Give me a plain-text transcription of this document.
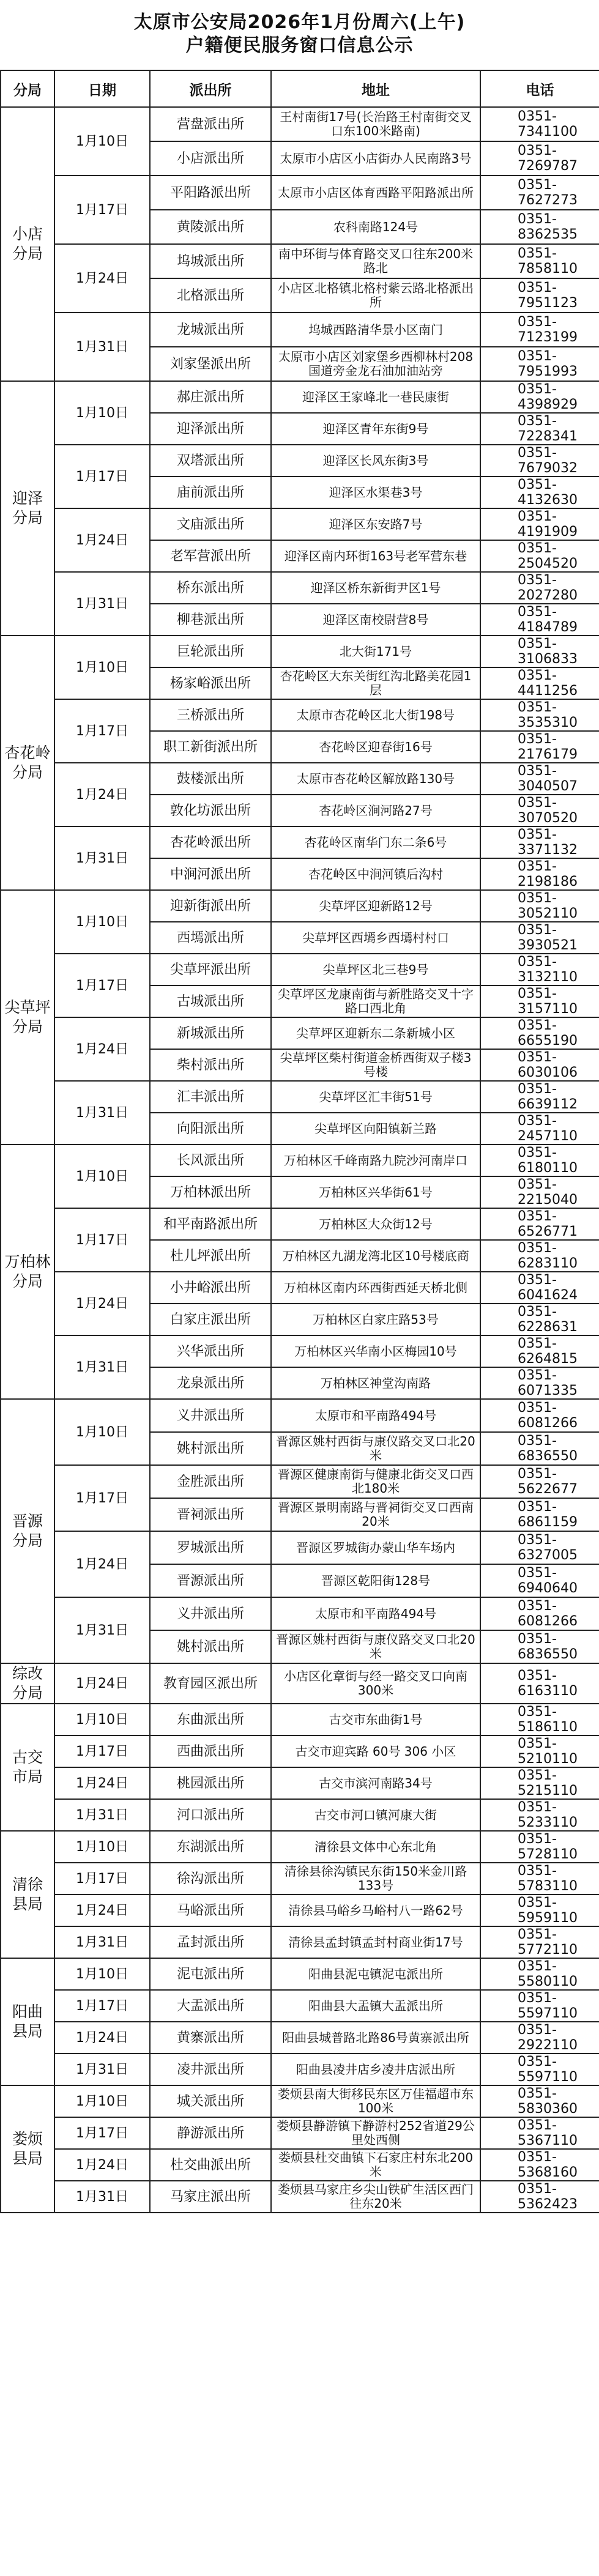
太原市公安局2026年1月份周六(上午)
户籍便民服务窗口信息公示
分局	日期	派出所	地址	电话

小店
分局	1月10日	营盘派出所	王村南街17号(长治路王村南街交叉口东100米路南)	0351-7341100
		小店派出所	太原市小店区小店街办人民南路3号	0351-7269787
	1月17日	平阳路派出所	太原市小店区体育西路平阳路派出所	0351-7627273
		黄陵派出所	农科南路124号	0351-8362535
	1月24日	坞城派出所	南中环街与体育路交叉口往东200米路北	0351-7858110
		北格派出所	小店区北格镇北格村紫云路北格派出所	0351-7951123
	1月31日	龙城派出所	坞城西路清华景小区南门	0351-7123199
		刘家堡派出所	太原市小店区刘家堡乡西柳林村208国道旁金龙石油加油站旁	0351-7951993

迎泽
分局	1月10日	郝庄派出所	迎泽区王家峰北一巷民康街	0351-4398929
		迎泽派出所	迎泽区青年东街9号	0351-7228341
	1月17日	双塔派出所	迎泽区长风东街3号	0351-7679032
		庙前派出所	迎泽区水渠巷3号	0351-4132630
	1月24日	文庙派出所	迎泽区东安路7号	0351-4191909
		老军营派出所	迎泽区南内环街163号老军营东巷	0351-2504520
	1月31日	桥东派出所	迎泽区桥东新街尹区1号	0351-2027280
		柳巷派出所	迎泽区南校尉营8号	0351-4184789

杏花岭
分局	1月10日	巨轮派出所	北大街171号	0351-3106833
		杨家峪派出所	杏花岭区大东关街红沟北路美花园1层	0351-4411256
	1月17日	三桥派出所	太原市杏花岭区北大街198号	0351-3535310
		职工新街派出所	杏花岭区迎春街16号	0351-2176179
	1月24日	鼓楼派出所	太原市杏花岭区解放路130号	0351-3040507
		敦化坊派出所	杏花岭区涧河路27号	0351-3070520
	1月31日	杏花岭派出所	杏花岭区南华门东二条6号	0351-3371132
		中涧河派出所	杏花岭区中涧河镇后沟村	0351-2198186

尖草坪
分局	1月10日	迎新街派出所	尖草坪区迎新路12号	0351-3052110
		西墕派出所	尖草坪区西墕乡西墕村村口	0351-3930521
	1月17日	尖草坪派出所	尖草坪区北三巷9号	0351-3132110
		古城派出所	尖草坪区龙康南街与新胜路交叉十字路口西北角	0351-3157110
	1月24日	新城派出所	尖草坪区迎新东二条新城小区	0351-6655190
		柴村派出所	尖草坪区柴村街道金桥西街双子楼3号楼	0351-6030106
	1月31日	汇丰派出所	尖草坪区汇丰街51号	0351-6639112
		向阳派出所	尖草坪区向阳镇新兰路	0351-2457110

万柏林
分局	1月10日	长风派出所	万柏林区千峰南路九院沙河南岸口	0351-6180110
		万柏林派出所	万柏林区兴华街61号	0351-2215040
	1月17日	和平南路派出所	万柏林区大众街12号	0351-6526771
		杜儿坪派出所	万柏林区九湖龙湾北区10号楼底商	0351-6283110
	1月24日	小井峪派出所	万柏林区南内环西街西延天桥北侧	0351-6041624
		白家庄派出所	万柏林区白家庄路53号	0351-6228631
	1月31日	兴华派出所	万柏林区兴华南小区梅园10号	0351-6264815
		龙泉派出所	万柏林区神堂沟南路	0351-6071335

晋源
分局	1月10日	义井派出所	太原市和平南路494号	0351-6081266
		姚村派出所	晋源区姚村西街与康仪路交叉口北20米	0351-6836550
	1月17日	金胜派出所	晋源区健康南街与健康北街交叉口西北180米	0351-5622677
		晋祠派出所	晋源区景明南路与晋祠街交叉口西南20米	0351-6861159
	1月24日	罗城派出所	晋源区罗城街办蒙山华车场内	0351-6327005
		晋源派出所	晋源区乾阳街128号	0351-6940640
	1月31日	义井派出所	太原市和平南路494号	0351-6081266
		姚村派出所	晋源区姚村西街与康仪路交叉口北20米	0351-6836550

综改
分局	1月24日	教育园区派出所	小店区化章街与经一路交叉口向南300米	0351-6163110

古交
市局	1月10日	东曲派出所	古交市东曲街1号	0351-5186110
	1月17日	西曲派出所	古交市迎宾路 60号 306 小区	0351-5210110
	1月24日	桃园派出所	古交市滨河南路34号	0351-5215110
	1月31日	河口派出所	古交市河口镇河康大街	0351-5233110

清徐
县局	1月10日	东湖派出所	清徐县文体中心东北角	0351-5728110
	1月17日	徐沟派出所	清徐县徐沟镇民东街150米金川路133号	0351-5783110
	1月24日	马峪派出所	清徐县马峪乡马峪村八一路62号	0351-5959110
	1月31日	孟封派出所	清徐县孟封镇孟封村商业街17号	0351-5772110

阳曲
县局	1月10日	泥屯派出所	阳曲县泥屯镇泥屯派出所	0351-5580110
	1月17日	大盂派出所	阳曲县大盂镇大盂派出所	0351-5597110
	1月24日	黄寨派出所	阳曲县城普路北路86号黄寨派出所	0351-2922110
	1月31日	凌井派出所	阳曲县凌井店乡凌井店派出所	0351-5597110

娄烦
县局	1月10日	城关派出所	娄烦县南大街移民东区万佳福超市东100米	0351-5830360
	1月17日	静游派出所	娄烦县静游镇下静游村252省道29公里处西侧	0351-5367110
	1月24日	杜交曲派出所	娄烦县杜交曲镇下石家庄村东北200米	0351-5368160
	1月31日	马家庄派出所	娄烦县马家庄乡尖山铁矿生活区西门往东20米	0351-5362423
